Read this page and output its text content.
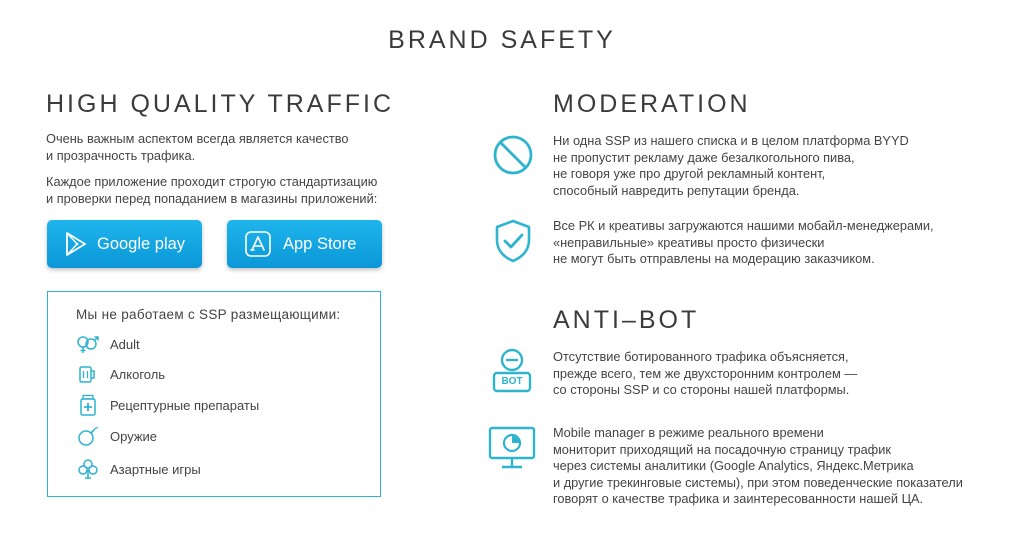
BRAND SAFETY
HIGH QUALITY TRAFFIC
Очень важным аспектом всегда является качество
и прозрачность трафика.
Каждое приложение проходит строгую стандартизацию
и проверки перед попаданием в магазины приложений:
Google play	App Store
Мы не работаем с SSP размещающими:
Adult
Алкоголь
Рецептурные препараты
Оружие
Азартные игры
MODERATION
Ни одна SSP из нашего списка и в целом платформа BYYD
не пропустит рекламу даже безалкогольного пива,
не говоря уже про другой рекламный контент,
способный навредить репутации бренда.
Все РК и креативы загружаются нашими мобайл-менеджерами,
«неправильные» креативы просто физически
не могут быть отправлены на модерацию заказчиком.
ANTI–BOT
BOT
Отсутствие ботированного трафика объясняется,
прежде всего, тем же двухсторонним контролем —
со стороны SSP и со стороны нашей платформы.
Mobile manager в режиме реального времени
мониторит приходящий на посадочную страницу трафик
через системы аналитики (Google Analytics, Яндекс.Метрика
и другие трекинговые системы), при этом поведенческие показатели
говорят о качестве трафика и заинтересованности нашей ЦА.
